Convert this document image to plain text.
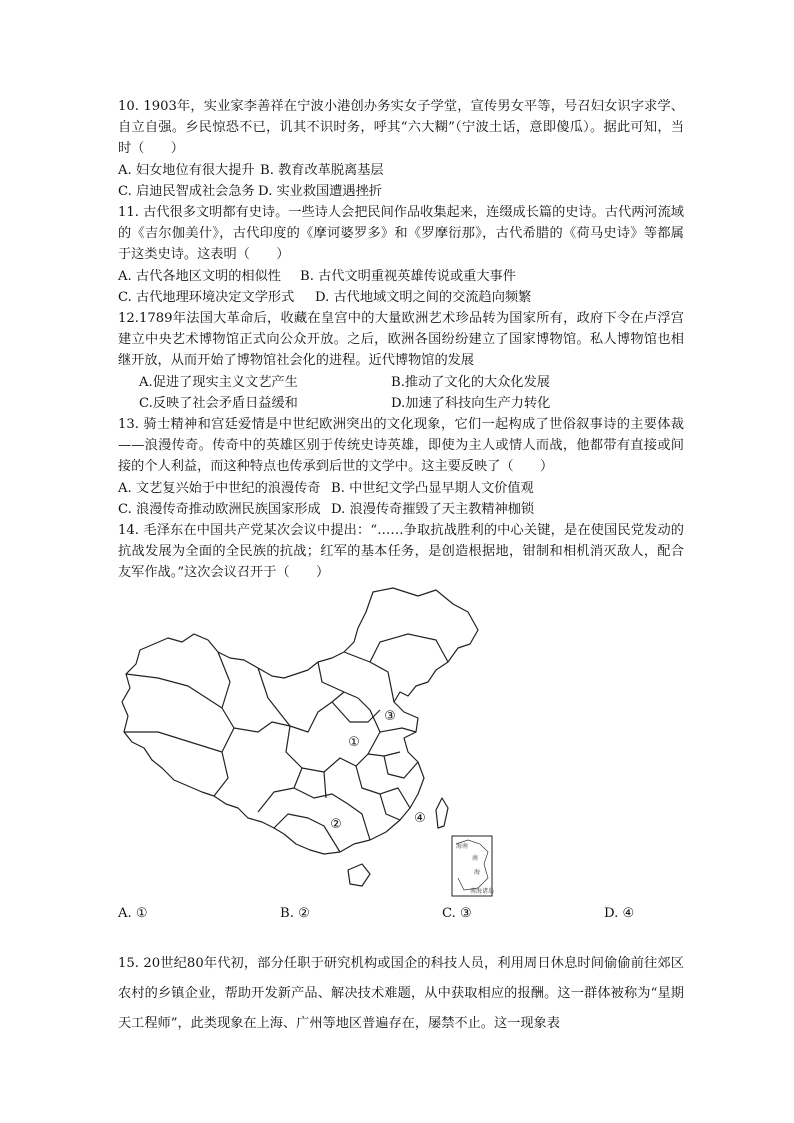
10. 1903年，实业家李善祥在宁波小港创办务实女子学堂，宣传男女平等，号召妇女识字求学、自立自强。乡民惊恐不已，讥其不识时务，呼其“六大糊”（宁波土话，意即傻瓜）。据此可知，当时（　　）

A. 妇女地位有很大提升 B. 教育改革脱离基层
C. 启迪民智成社会急务 D. 实业救国遭遇挫折

11. 古代很多文明都有史诗。一些诗人会把民间作品收集起来，连缀成长篇的史诗。古代两河流域的《吉尔伽美什》，古代印度的《摩诃婆罗多》和《罗摩衍那》，古代希腊的《荷马史诗》等都属于这类史诗。这表明（　　）

A. 古代各地区文明的相似性	B. 古代文明重视英雄传说或重大事件
C. 古代地理环境决定文学形式	D. 古代地域文明之间的交流趋向频繁

12.1789年法国大革命后，收藏在皇宫中的大量欧洲艺术珍品转为国家所有，政府下令在卢浮宫建立中央艺术博物馆正式向公众开放。之后，欧洲各国纷纷建立了国家博物馆。私人博物馆也相继开放，从而开始了博物馆社会化的进程。近代博物馆的发展

A.促进了现实主义文艺产生	B.推动了文化的大众化发展
C.反映了社会矛盾日益缓和	D.加速了科技向生产力转化

13. 骑士精神和宫廷爱情是中世纪欧洲突出的文化现象，它们一起构成了世俗叙事诗的主要体裁——浪漫传奇。传奇中的英雄区别于传统史诗英雄，即使为主人或情人而战，他都带有直接或间接的个人利益，而这种特点也传承到后世的文学中。这主要反映了（　　）

A. 文艺复兴始于中世纪的浪漫传奇 B. 中世纪文学凸显早期人文价值观
C. 浪漫传奇推动欧洲民族国家形成 D. 浪漫传奇摧毁了天主教精神枷锁

14. 毛泽东在中国共产党某次会议中提出：“……争取抗战胜利的中心关键，是在使国民党发动的抗战发展为全面的全民族的抗战；红军的基本任务，是创造根据地，钳制和相机消灭敌人，配合友军作战。”这次会议召开于（　　）

①
②
③
④
海南
南
海
南海诸岛
A. ①	B. ②	C. ③	D. ④

15. 20世纪80年代初，部分任职于研究机构或国企的科技人员，利用周日休息时间偷偷前往郊区农村的乡镇企业，帮助开发新产品、解决技术难题，从中获取相应的报酬。这一群体被称为“星期天工程师”，此类现象在上海、广州等地区普遍存在，屡禁不止。这一现象表
